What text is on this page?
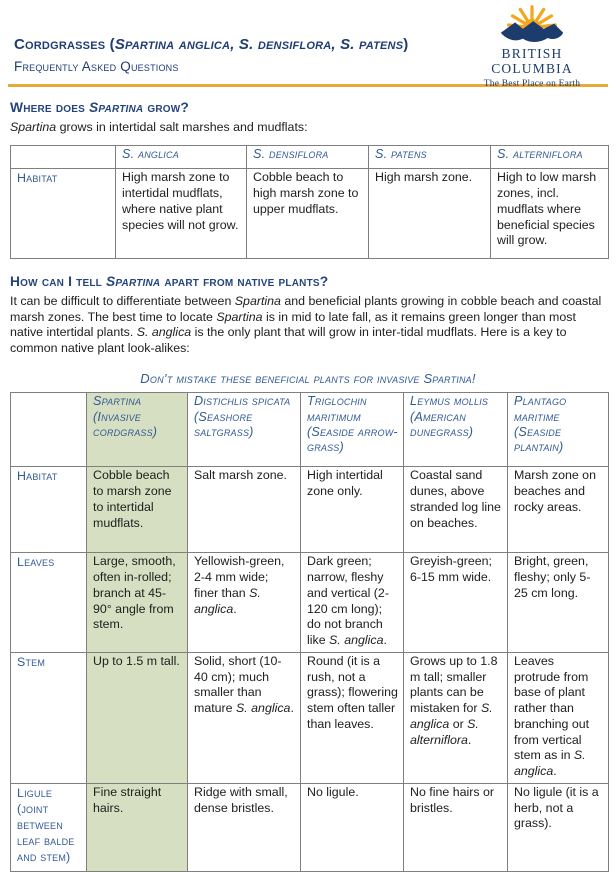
Cordgrasses (Spartina anglica, S. densiflora, S. patens)
Frequently Asked Questions
BRITISH
COLUMBIA
The Best Place on Earth
Where does Spartina grow?

Spartina grows in intertidal salt marshes and mudflats:

	S. anglica	S. densiflora	S. patens	S. alterniflora
Habitat	High marsh zone to intertidal mudflats, where native plant species will not grow.	Cobble beach to high marsh zone to upper mudflats.	High marsh zone.	High to low marsh zones, incl. mudflats where beneficial species will grow.
How can I tell Spartina apart from native plants?

It can be difficult to differentiate between Spartina and beneficial plants growing in cobble beach and coastal marsh zones. The best time to locate Spartina is in mid to late fall, as it remains green longer than most native intertidal plants. S. anglica is the only plant that will grow in inter-tidal mudflats. Here is a key to common native plant look-alikes:

Don’t mistake these beneficial plants for invasive Spartina!
	Spartina (Invasive cordgrass)	Distichlis spicata (Seashore saltgrass)	Triglochin maritimum (Seaside arrow-grass)	Leymus mollis (American dunegrass)	Plantago maritime (Seaside plantain)
Habitat	Cobble beach to marsh zone to intertidal mudflats.	Salt marsh zone.	High intertidal zone only.	Coastal sand dunes, above stranded log line on beaches.	Marsh zone on beaches and rocky areas.
Leaves	Large, smooth, often in-rolled; branch at 45-90° angle from stem.	Yellowish-green, 2-4 mm wide; finer than S. anglica.	Dark green; narrow, fleshy and vertical (2-120 cm long); do not branch like S. anglica.	Greyish-green; 6-15 mm wide.	Bright, green, fleshy; only 5-25 cm long.
Stem	Up to 1.5 m tall.	Solid, short (10-40 cm); much smaller than mature S. anglica.	Round (it is a rush, not a grass); flowering stem often taller than leaves.	Grows up to 1.8 m tall; smaller plants can be mistaken for S. anglica or S. alterniflora.	Leaves protrude from base of plant rather than branching out from vertical stem as in S. anglica.
Ligule (joint between leaf balde and stem)	Fine straight hairs.	Ridge with small, dense bristles.	No ligule.	No fine hairs or bristles.	No ligule (it is a herb, not a grass).
